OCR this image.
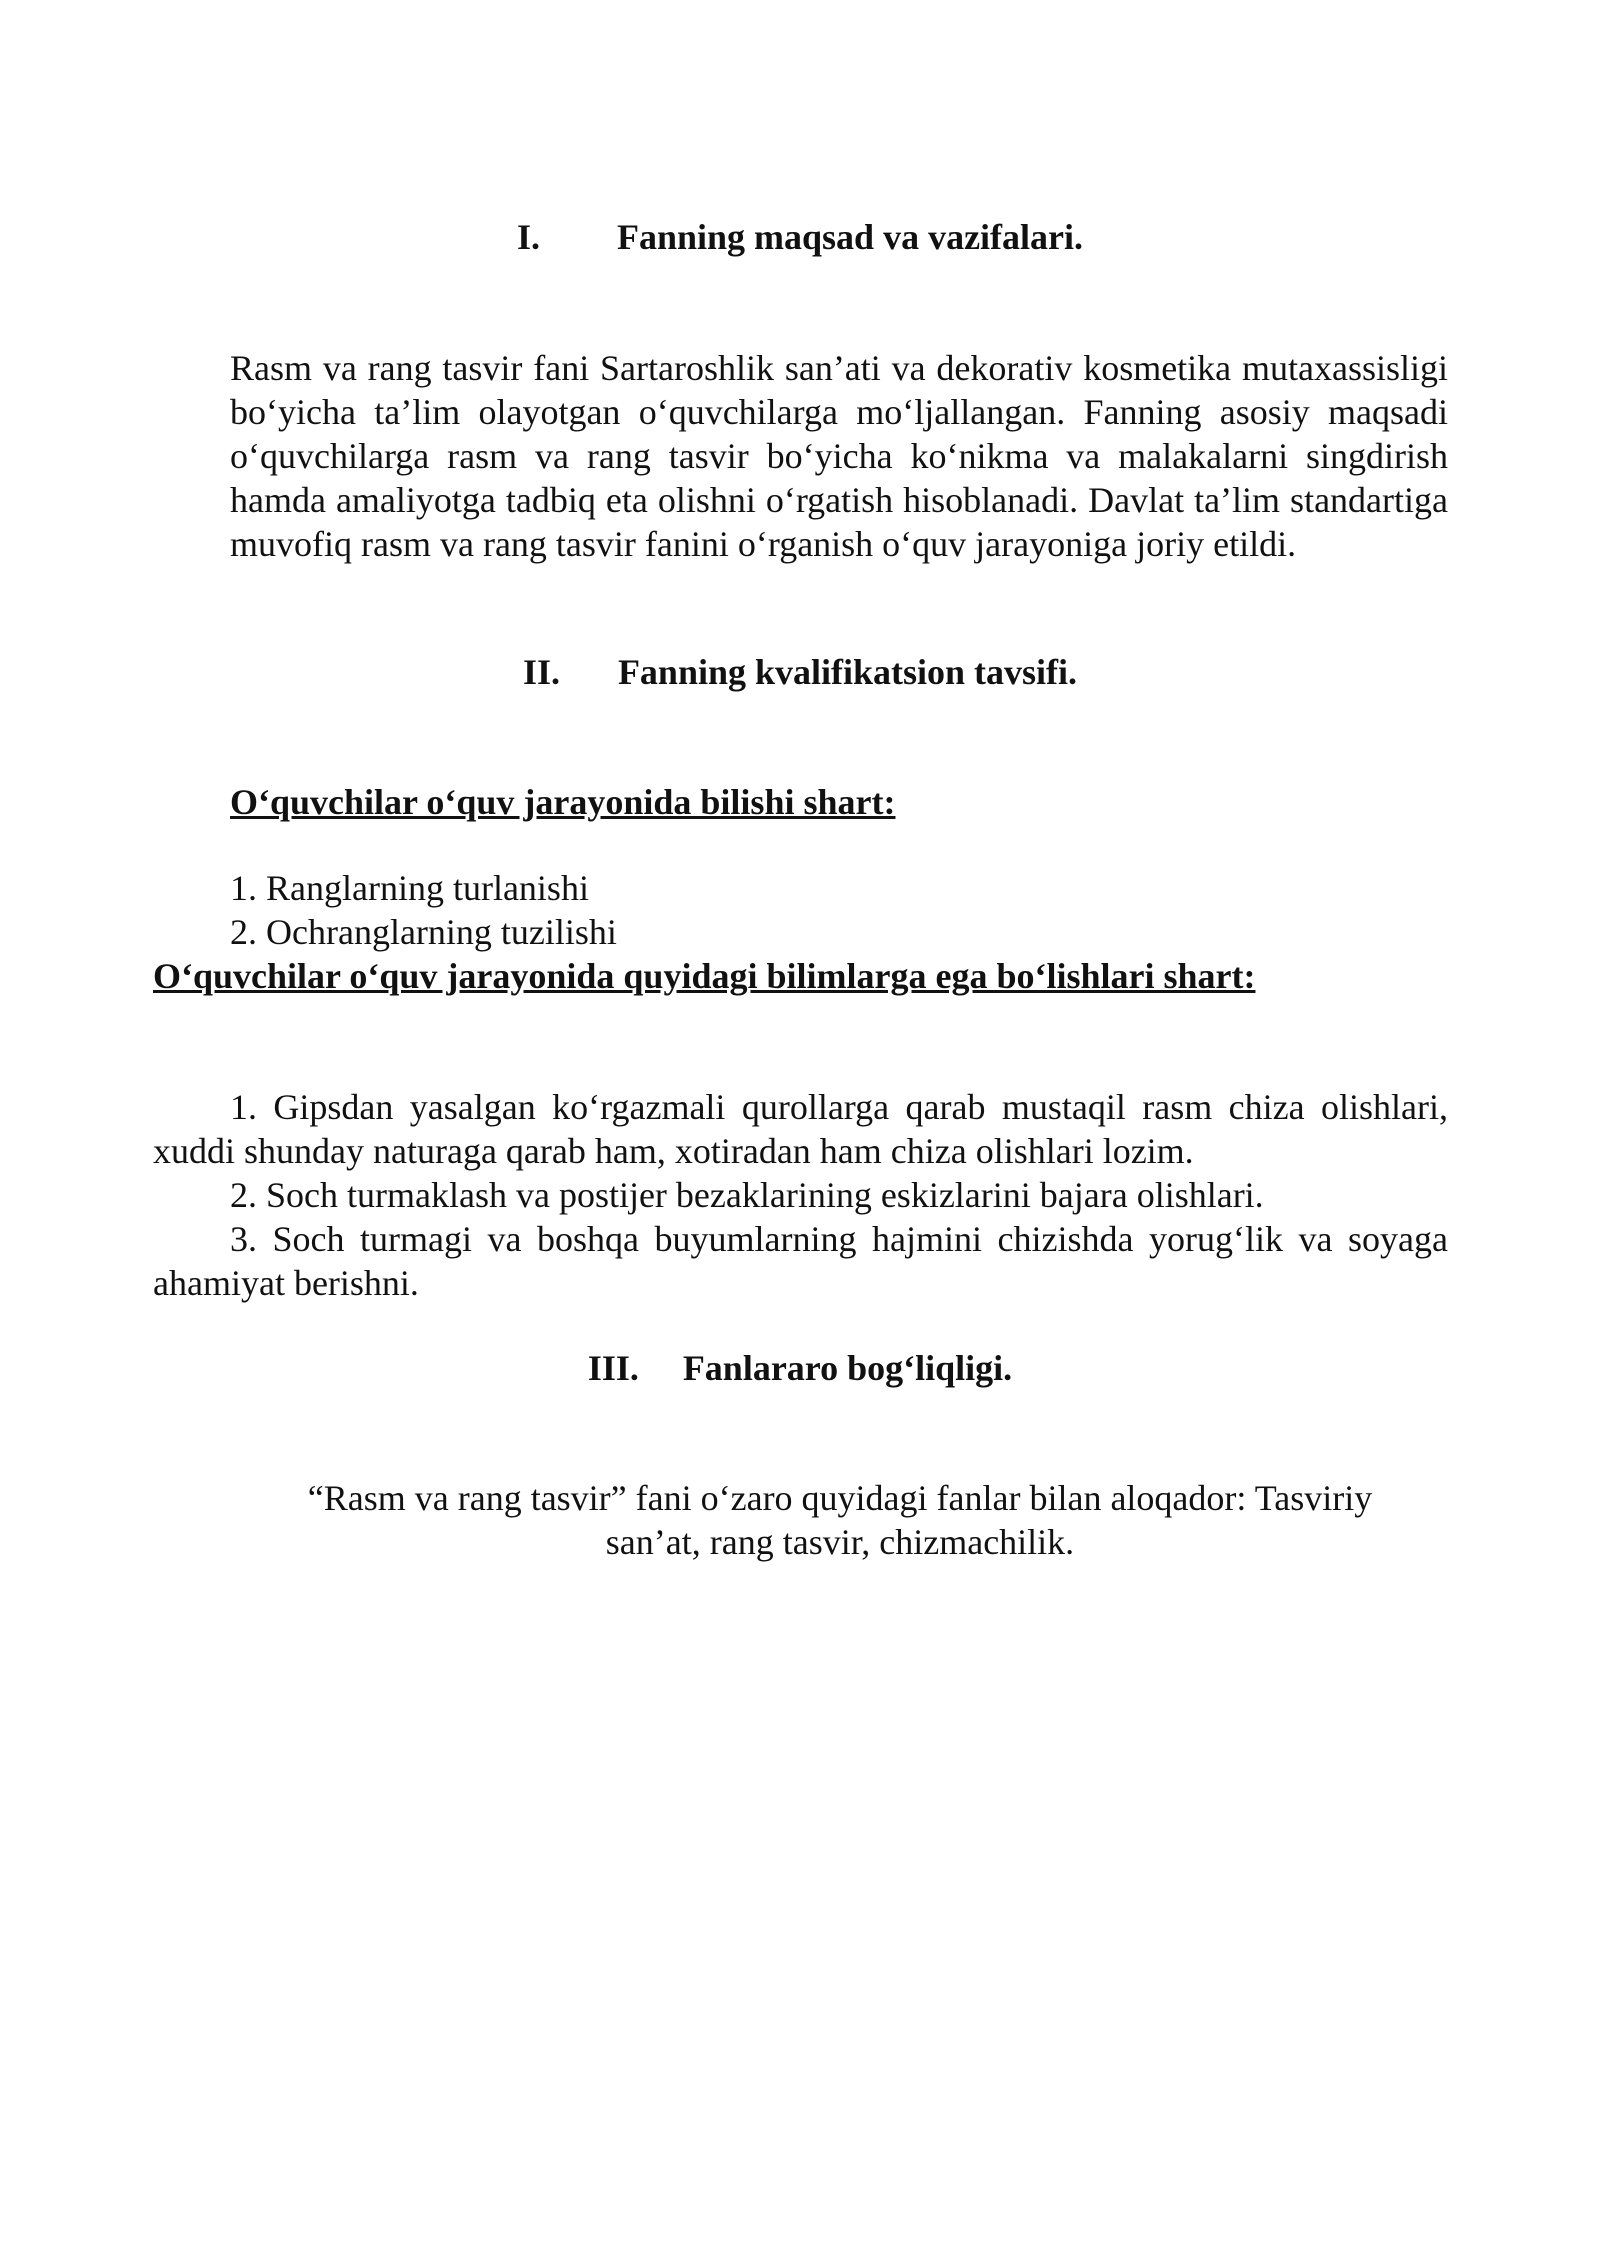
I. Fanning maqsad va vazifalari.
Rasm va rang tasvir fani Sartaroshlik san’ati va dekorativ kosmetika mutaxassisligi bo‘yicha ta’lim olayotgan o‘quvchilarga mo‘ljallangan. Fanning asosiy maqsadi o‘quvchilarga rasm va rang tasvir bo‘yicha ko‘nikma va malakalarni singdirish hamda amaliyotga tadbiq eta olishni o‘rgatish hisoblanadi. Davlat ta’lim standartiga muvofiq rasm va rang tasvir fanini o‘rganish o‘quv jarayoniga joriy etildi.
II. Fanning kvalifikatsion tavsifi.
O‘quvchilar o‘quv jarayonida bilishi shart:
1. Ranglarning turlanishi
2. Ochranglarning tuzilishi
O‘quvchilar o‘quv jarayonida quyidagi bilimlarga ega bo‘lishlari shart:
1. Gipsdan yasalgan ko‘rgazmali qurollarga qarab mustaqil rasm chiza olishlari, xuddi shunday naturaga qarab ham, xotiradan ham chiza olishlari lozim.
2. Soch turmaklash va postijer bezaklarining eskizlarini bajara olishlari.
3. Soch turmagi va boshqa buyumlarning hajmini chizishda yorug‘lik va soyaga ahamiyat berishni.
III. Fanlararo bog‘liqligi.
“Rasm va rang tasvir” fani o‘zaro quyidagi fanlar bilan aloqador: Tasviriy san’at, rang tasvir, chizmachilik.
